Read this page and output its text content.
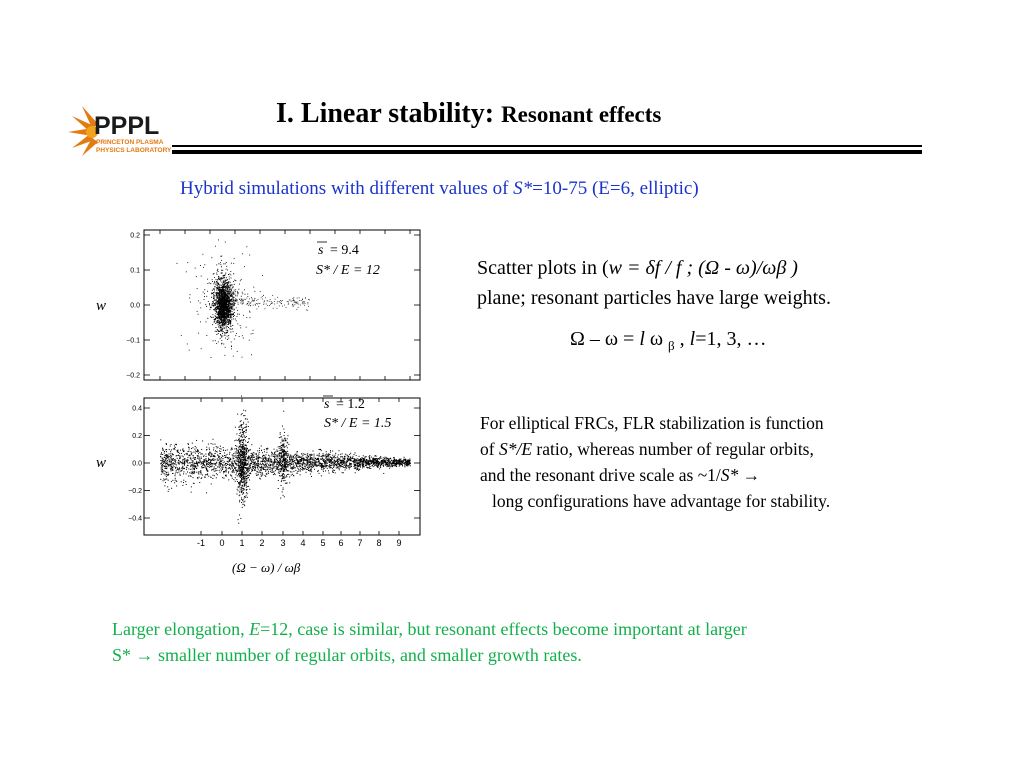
PPPL
PRINCETON PLASMA
PHYSICS LABORATORY
I. Linear stability: Resonant effects
Hybrid simulations with different values of S*=10-75 (E=6, elliptic)
0.2
0.1
0.0
−0.1
−0.2
w
s = 9.4
S* / E = 12
0.4
0.2
0.0
−0.2
−0.4
-1 0 1 2 3 4 5 6 7 8 9
w
s = 1.2
S* / E = 1.5
(Ω − ω) / ωβ
Scatter plots in (w = δf / f ; (Ω - ω)/ωβ )
plane; resonant particles have large weights.
Ω – ω = l ω $_\beta$ , l=1, 3, …
For elliptical FRCs, FLR stabilization is function
of S*/E ratio, whereas number of regular orbits,
and the resonant drive scale as ~1/S* →
long configurations have advantage for stability.
Larger elongation, E=12, case is similar, but resonant effects become important at larger
S* → smaller number of regular orbits, and smaller growth rates.
